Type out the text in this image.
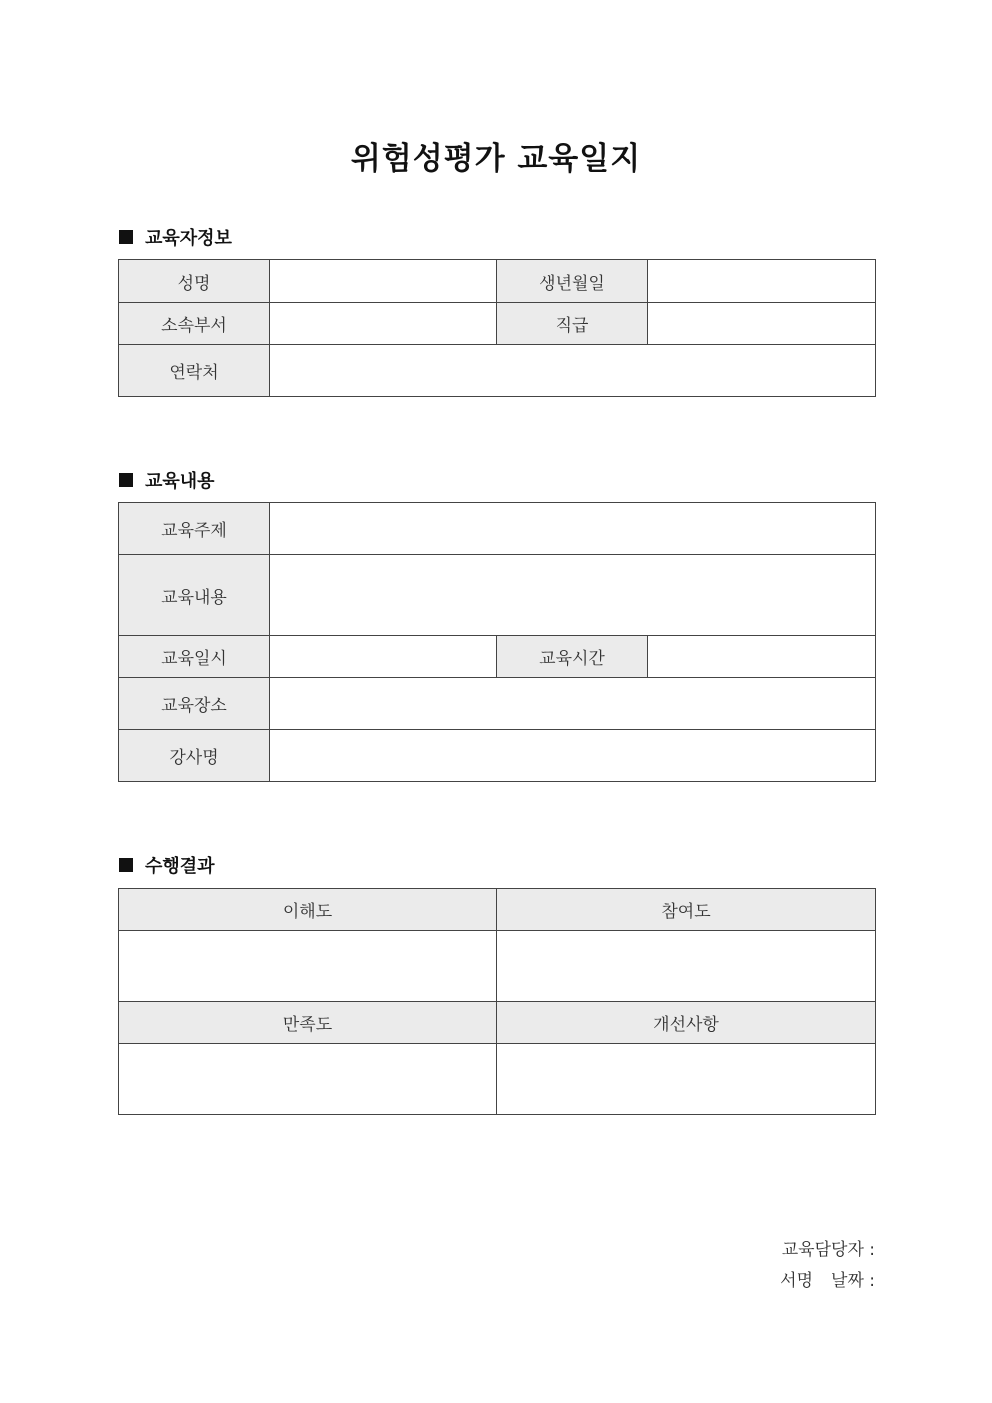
위험성평가 교육일지
교육자정보
성명		생년월일	
소속부서		직급	
연락처			
교육내용
교육주제			
교육내용			
교육일시		교육시간	
교육장소			
강사명			
수행결과
이해도	참여도

만족도	개선사항

교육담당자 :

서명 날짜 :
